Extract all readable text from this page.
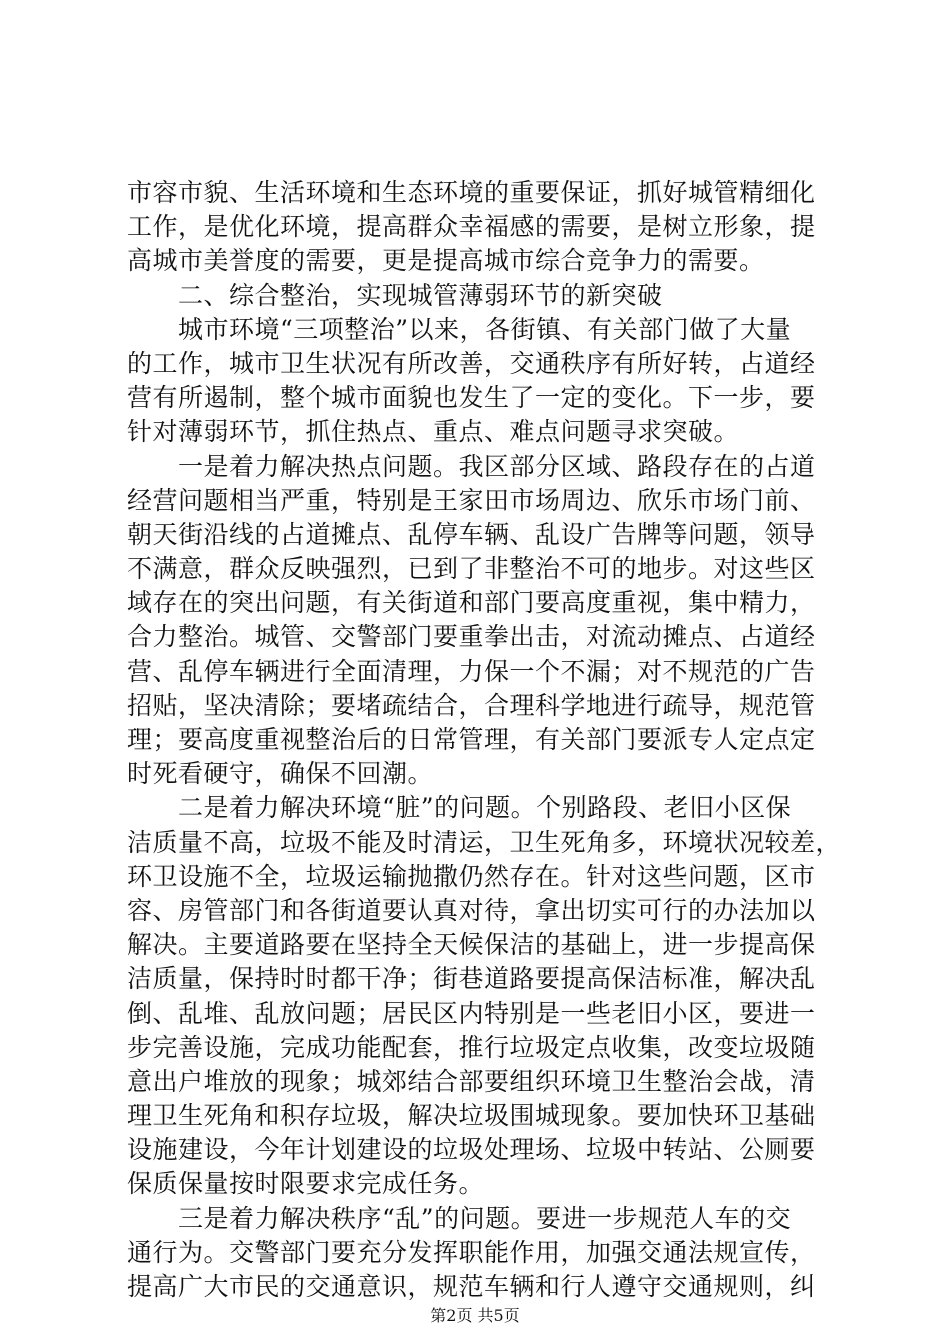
市容市貌、生活环境和生态环境的重要保证，抓好城管精细化
工作，是优化环境，提高群众幸福感的需要，是树立形象，提
高城市美誉度的需要，更是提高城市综合竞争力的需要。
　　二、综合整治，实现城管薄弱环节的新突破
　　城市环境“三项整治”以来，各街镇、有关部门做了大量
的工作，城市卫生状况有所改善，交通秩序有所好转，占道经
营有所遏制，整个城市面貌也发生了一定的变化。下一步，要
针对薄弱环节，抓住热点、重点、难点问题寻求突破。
　　一是着力解决热点问题。我区部分区域、路段存在的占道
经营问题相当严重，特别是王家田市场周边、欣乐市场门前、
朝天街沿线的占道摊点、乱停车辆、乱设广告牌等问题，领导
不满意，群众反映强烈，已到了非整治不可的地步。对这些区
域存在的突出问题，有关街道和部门要高度重视，集中精力，
合力整治。城管、交警部门要重拳出击，对流动摊点、占道经
营、乱停车辆进行全面清理，力保一个不漏；对不规范的广告
招贴，坚决清除；要堵疏结合，合理科学地进行疏导，规范管
理；要高度重视整治后的日常管理，有关部门要派专人定点定
时死看硬守，确保不回潮。
　　二是着力解决环境“脏”的问题。个别路段、老旧小区保
洁质量不高，垃圾不能及时清运，卫生死角多，环境状况较差，
环卫设施不全，垃圾运输抛撒仍然存在。针对这些问题，区市
容、房管部门和各街道要认真对待，拿出切实可行的办法加以
解决。主要道路要在坚持全天候保洁的基础上，进一步提高保
洁质量，保持时时都干净；街巷道路要提高保洁标准，解决乱
倒、乱堆、乱放问题；居民区内特别是一些老旧小区，要进一
步完善设施，完成功能配套，推行垃圾定点收集，改变垃圾随
意出户堆放的现象；城郊结合部要组织环境卫生整治会战，清
理卫生死角和积存垃圾，解决垃圾围城现象。要加快环卫基础
设施建设，今年计划建设的垃圾处理场、垃圾中转站、公厕要
保质保量按时限要求完成任务。
　　三是着力解决秩序“乱”的问题。要进一步规范人车的交
通行为。交警部门要充分发挥职能作用，加强交通法规宣传，
提高广大市民的交通意识，规范车辆和行人遵守交通规则，纠
第2页 共5页
